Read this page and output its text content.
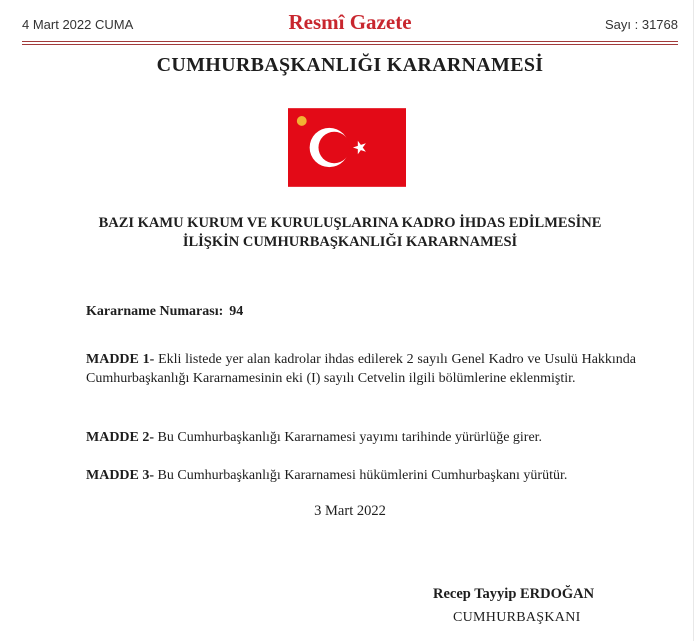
4 Mart 2022 CUMA	Resmî Gazete	Sayı : 31768
CUMHURBAŞKANLIĞI KARARNAMESİ
BAZI KAMU KURUM VE KURULUŞLARINA KADRO İHDAS EDİLMESİNE
İLİŞKİN CUMHURBAŞKANLIĞI KARARNAMESİ
Kararname Numarası: 94
MADDE 1- Ekli listede yer alan kadrolar ihdas edilerek 2 sayılı Genel Kadro ve Usulü Hakkında Cumhurbaşkanlığı Kararnamesinin eki (I) sayılı Cetvelin ilgili bölümlerine eklenmiştir.
MADDE 2- Bu Cumhurbaşkanlığı Kararnamesi yayımı tarihinde yürürlüğe girer.
MADDE 3- Bu Cumhurbaşkanlığı Kararnamesi hükümlerini Cumhurbaşkanı yürütür.
3 Mart 2022
Recep Tayyip ERDOĞAN
CUMHURBAŞKANI
